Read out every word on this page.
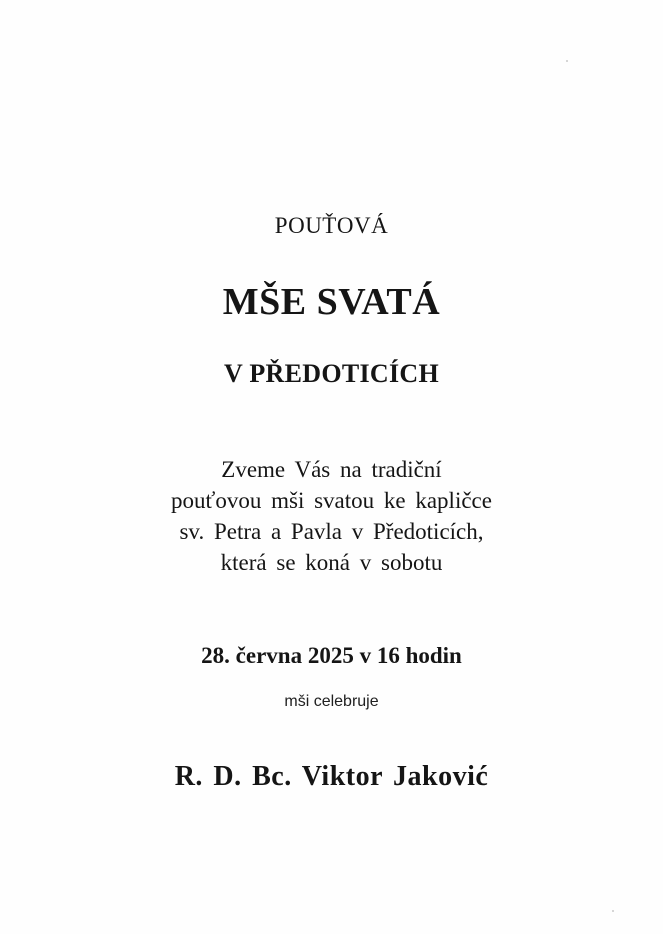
POUŤOVÁ
MŠE SVATÁ
V PŘEDOTICÍCH
Zveme Vás na tradiční
pouťovou mši svatou ke kapličce
sv. Petra a Pavla v Předoticích,
která se koná v sobotu
28. června 2025 v 16 hodin
mši celebruje
R. D. Bc. Viktor Jaković
